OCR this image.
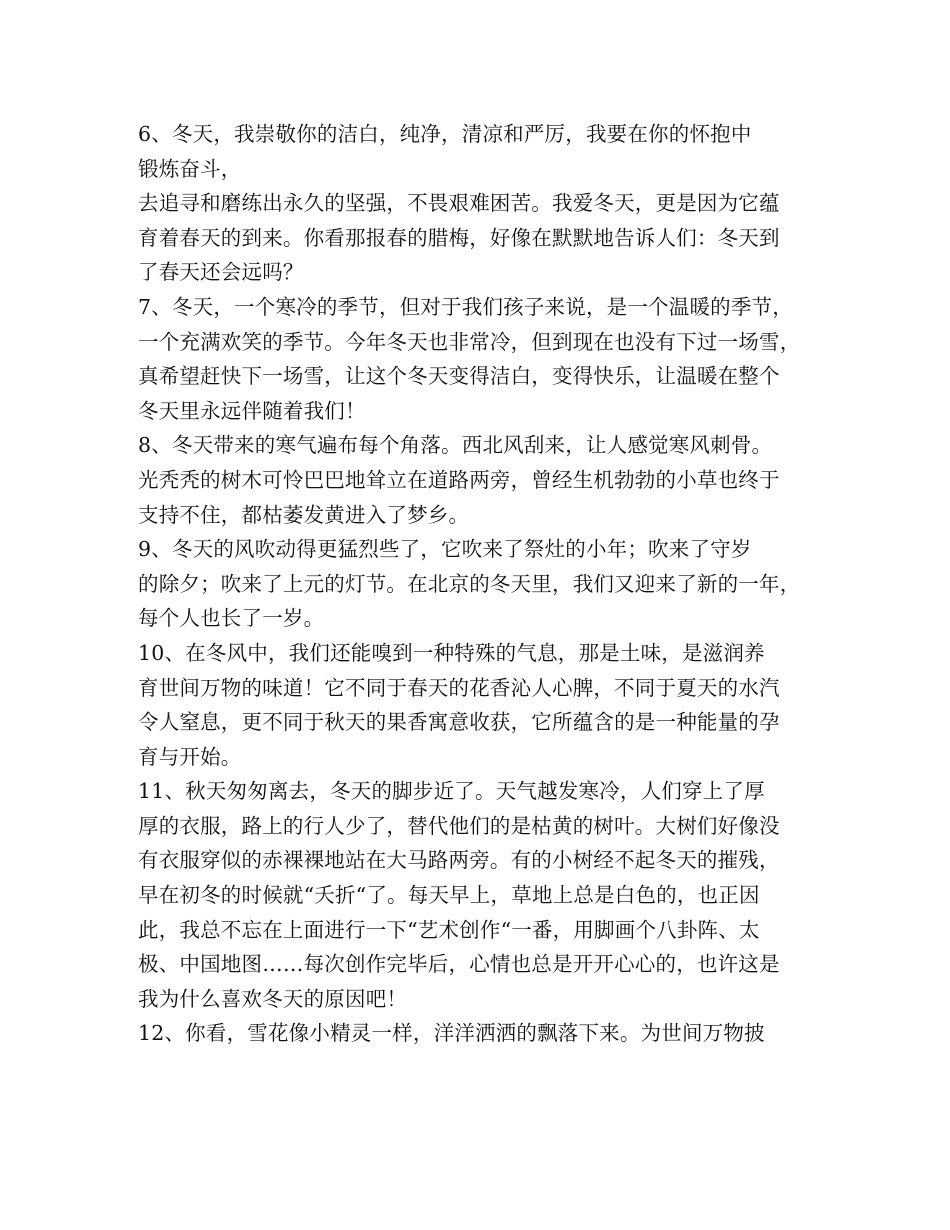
6、冬天，我崇敬你的洁白，纯净，清凉和严厉，我要在你的怀抱中
锻炼奋斗，
去追寻和磨练出永久的坚强，不畏艰难困苦。我爱冬天，更是因为它蕴
育着春天的到来。你看那报春的腊梅，好像在默默地告诉人们：冬天到
了春天还会远吗？
7、冬天，一个寒冷的季节，但对于我们孩子来说，是一个温暖的季节，
一个充满欢笑的季节。今年冬天也非常冷，但到现在也没有下过一场雪，
真希望赶快下一场雪，让这个冬天变得洁白，变得快乐，让温暖在整个
冬天里永远伴随着我们！
8、冬天带来的寒气遍布每个角落。西北风刮来，让人感觉寒风刺骨。
光秃秃的树木可怜巴巴地耸立在道路两旁，曾经生机勃勃的小草也终于
支持不住，都枯萎发黄进入了梦乡。
9、冬天的风吹动得更猛烈些了，它吹来了祭灶的小年；吹来了守岁
的除夕；吹来了上元的灯节。在北京的冬天里，我们又迎来了新的一年，
每个人也长了一岁。
10、在冬风中，我们还能嗅到一种特殊的气息，那是土味，是滋润养
育世间万物的味道！它不同于春天的花香沁人心脾，不同于夏天的水汽
令人窒息，更不同于秋天的果香寓意收获，它所蕴含的是一种能量的孕
育与开始。
11、秋天匆匆离去，冬天的脚步近了。天气越发寒冷，人们穿上了厚
厚的衣服，路上的行人少了，替代他们的是枯黄的树叶。大树们好像没
有衣服穿似的赤裸裸地站在大马路两旁。有的小树经不起冬天的摧残，
早在初冬的时候就“夭折“了。每天早上，草地上总是白色的，也正因
此，我总不忘在上面进行一下“艺术创作“一番，用脚画个八卦阵、太
极、中国地图……每次创作完毕后，心情也总是开开心心的，也许这是
我为什么喜欢冬天的原因吧！
12、你看，雪花像小精灵一样，洋洋洒洒的飘落下来。为世间万物披
